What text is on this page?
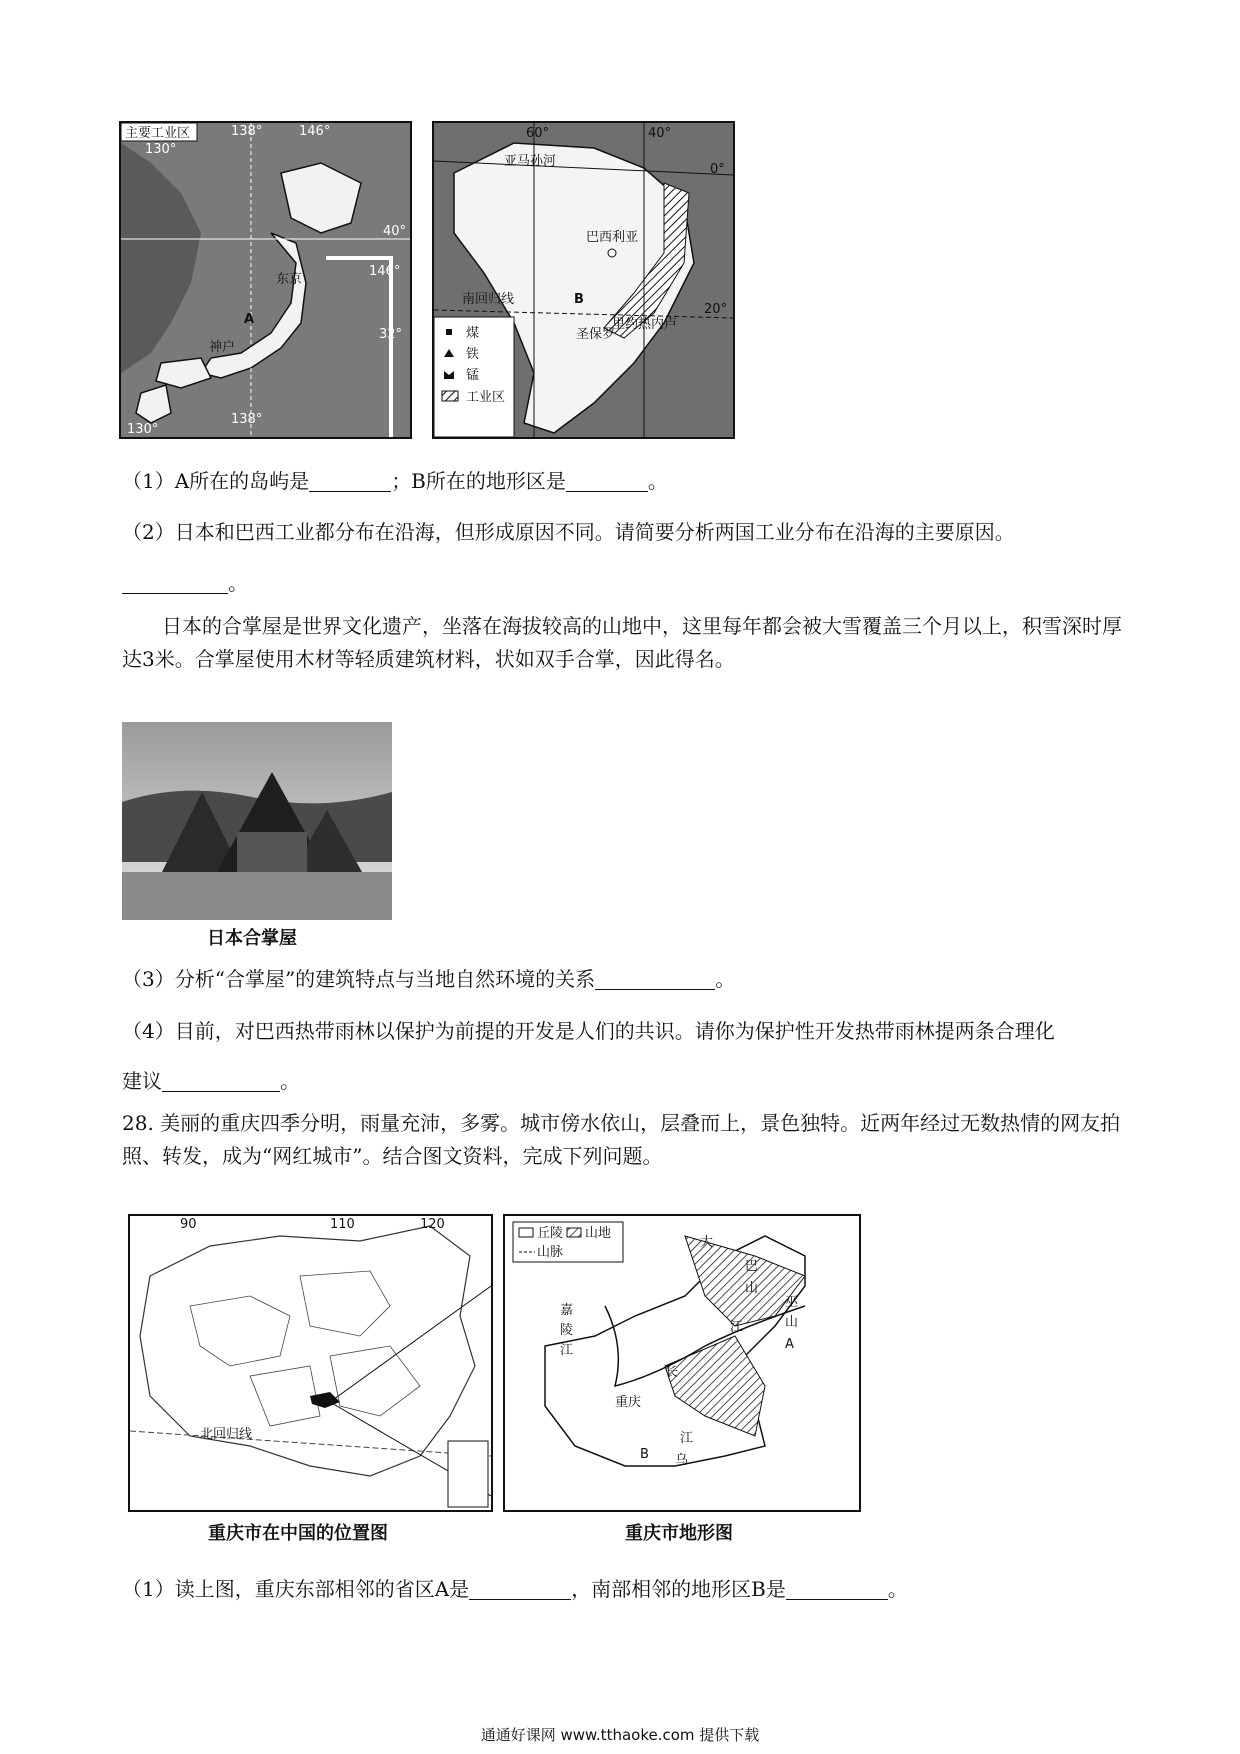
主要工业区	138°	146°
130°
146°
138°
130°
40°
32°
东京
神户
A
60°	40°
0°
20°
亚马孙河
巴西利亚
南回归线
圣保罗
里约热内卢
B
煤
铁
锰
工业区
（1）A所在的岛屿是	；B所在的地形区是	。
（2）日本和巴西工业都分布在沿海，但形成原因不同。请简要分析两国工业分布在沿海的主要原因。
。
日本的合掌屋是世界文化遗产，坐落在海拔较高的山地中，这里每年都会被大雪覆盖三个月以上，积雪深时厚达3米。合掌屋使用木材等轻质建筑材料，状如双手合掌，因此得名。
日本合掌屋
（3）分析“合掌屋”的建筑特点与当地自然环境的关系	。
（4）目前，对巴西热带雨林以保护为前提的开发是人们的共识。请你为保护性开发热带雨林提两条合理化
建议	。
28. 美丽的重庆四季分明，雨量充沛，多雾。城市傍水依山，层叠而上，景色独特。近两年经过无数热情的网友拍照、转发，成为“网红城市”。结合图文资料，完成下列问题。
90	110	120
北回归线
丘陵 山地
山脉
大
巴
山
巫
山
A
B
长
江
重庆
乌
江
嘉
陵
江
重庆市在中国的位置图	重庆市地形图
（1）读上图，重庆东部相邻的省区A是	，南部相邻的地形区B是	。
通通好课网 www.tthaoke.com 提供下载
